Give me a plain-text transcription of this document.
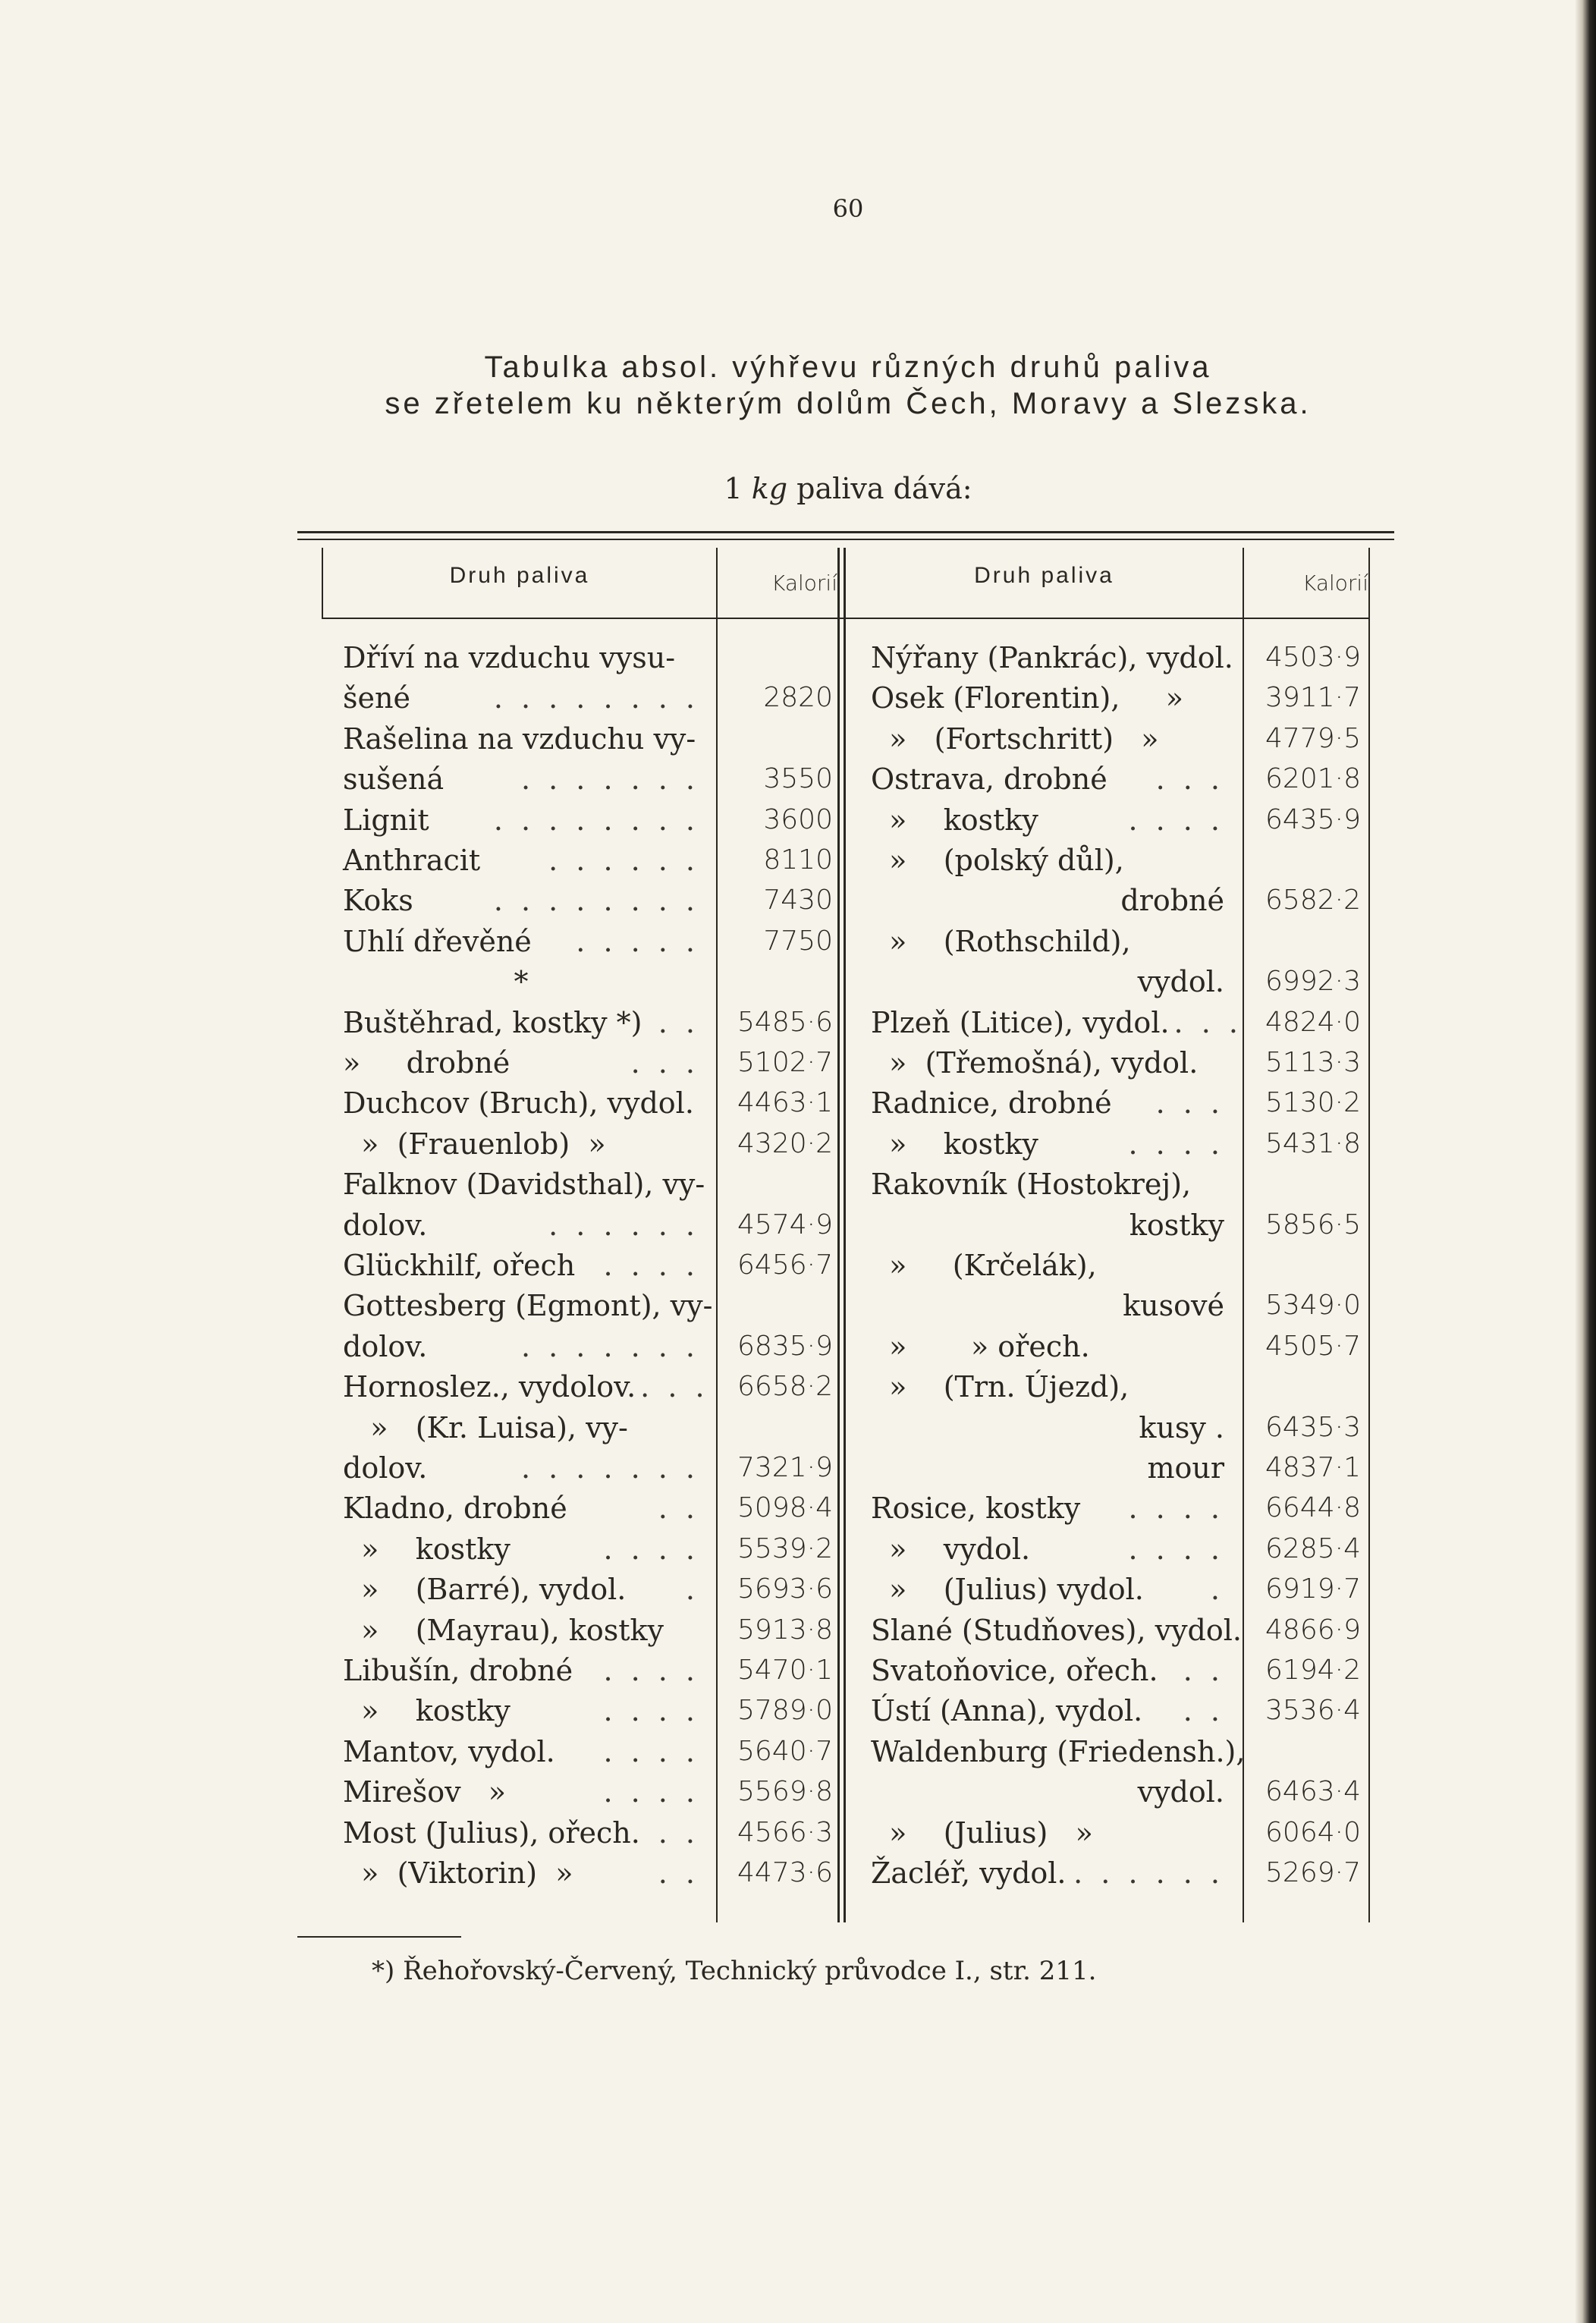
60
Tabulka absol. výhřevu různých druhů paliva
se zřetelem ku některým dolům Čech, Moravy a Slezska.
1 kg paliva dává:
Druh paliva	Kalorií	Druh paliva	Kalorií
Dříví na vzduchu vysu-
šené	. . . . . . . .	2820
Rašelina na vzduchu vy-
sušená	. . . . . . .	3550
Lignit . . . . . . . .	3600
Anthracit . . . . . .	8110
Koks	. . . . . . . .	7430
Uhlí dřevěné . . . . .	7750
*
Buštěhrad, kostky *) . .	5485·6
»     drobné	. . .	5102·7
Duchcov (Bruch), vydol.	4463·1
»  (Frauenlob)  »	4320·2
Falknov (Davidsthal), vy-
dolov.	. . . . . .	4574·9
Glückhilf, ořech . . . .	6456·7
Gottesberg (Egmont), vy-
dolov.	. . . . . . .	6835·9
Hornoslez., vydolov. . . .	6658·2
»   (Kr. Luisa), vy-
dolov.	. . . . . . .	7321·9
Kladno, drobné	. .	5098·4
»    kostky	. . . .	5539·2
»    (Barré), vydol. .	5693·6
»    (Mayrau), kostky	5913·8
Libušín, drobné . . . .	5470·1
»    kostky	. . . .	5789·0
Mantov, vydol. . . . .	5640·7
Mirešov   »	. . . .	5569·8
Most (Julius), ořech. . .	4566·3
»  (Viktorin)  »	. .	4473·6
Nýřany (Pankrác), vydol.	4503·9
Osek (Florentin),     »	3911·7
»   (Fortschritt)   »	4779·5
Ostrava, drobné . . .	6201·8
»    kostky	. . . .	6435·9
»    (polský důl),
drobné	6582·2
»    (Rothschild),
vydol.	6992·3
Plzeň (Litice), vydol. . . . 4824·0
»  (Třemošná), vydol.	5113·3
Radnice, drobné . . .	5130·2
»    kostky	. . . .	5431·8
Rakovník (Hostokrej),
kostky	5856·5
»     (Krčelák),
kusové	5349·0
»       » ořech.	4505·7
»    (Trn. Újezd),
kusy .	6435·3
mour	4837·1
Rosice, kostky . . . .	6644·8
»    vydol.	. . . .	6285·4
»    (Julius) vydol. .	6919·7
Slané (Studňoves), vydol. 4866·9
Svatoňovice, ořech. . .	6194·2
Ústí (Anna), vydol. . .	3536·4
Waldenburg (Friedensh.),
vydol.	6463·4
»    (Julius)   »	6064·0
Žacléř, vydol. . . . . . .	5269·7
*) Řehořovský-Červený, Technický průvodce I., str. 211.
